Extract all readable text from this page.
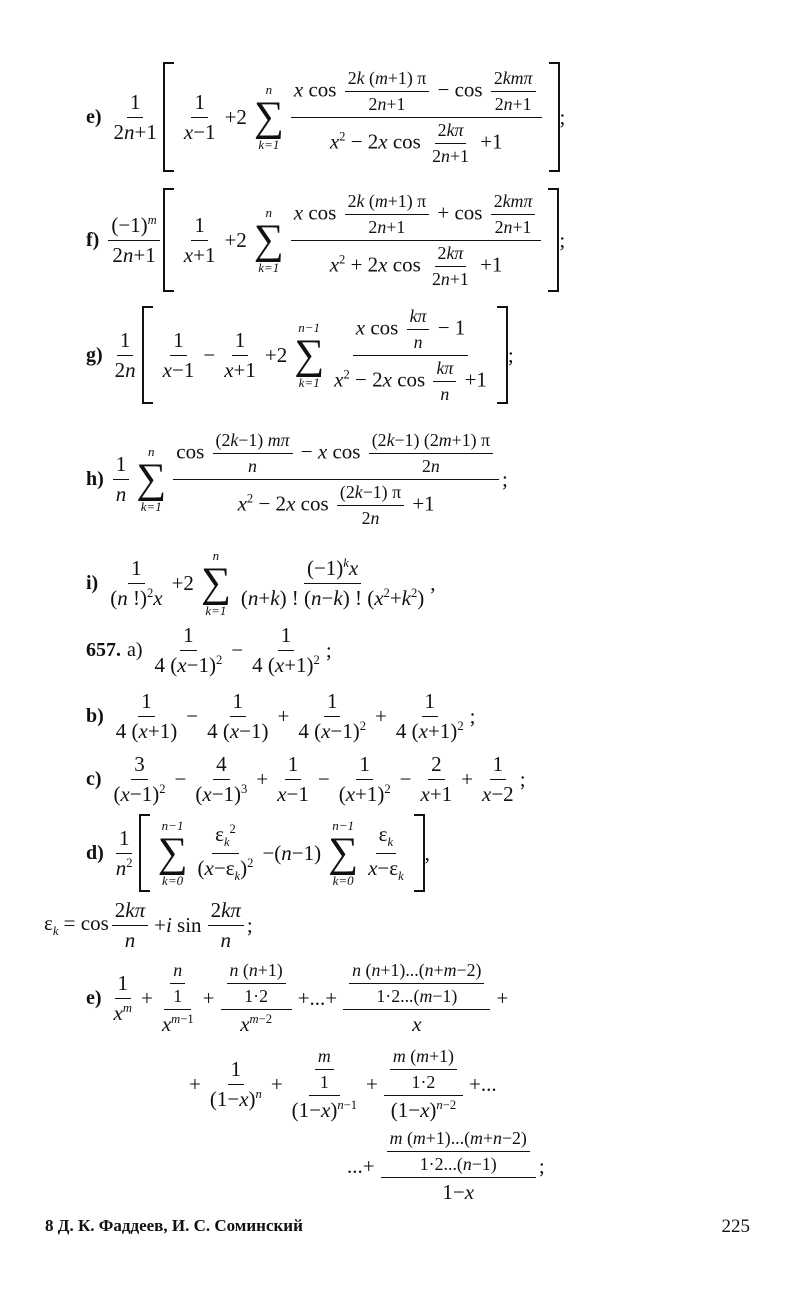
$e) \frac{1}{2n+1} \frac{1}{x-1} +2$
n
∑
$k=1 \frac{x \cos \frac{2k (m+1) \pi}{2n+1} - \cos \frac{\text{2kmπ}}{2n+1}}{x^2 - 2x \cos \frac{2k\pi}{2n+1} +1}$ ;
$f) \frac{(-1)^m}{2n+1} \frac{1}{x+1} +2$
n
∑
$k=1 \frac{x \cos \frac{2k (m+1) \pi}{2n+1} + \cos \frac{\text{2kmπ}}{2n+1}}{x^2 + 2x \cos \frac{2k\pi}{2n+1} +1}$ ;
$g) \frac{1}{2n} \frac{1}{x-1} - \frac{1}{x+1} +2$
n−1
∑
$k=1 \frac{x \cos \frac{k\pi}{n} - 1}{x^2 - 2x \cos \frac{k\pi}{n} +1}$ ;
$h) \frac{1}{n}$ n
∑
$k=1 \frac{\cos \frac{(2k-1) m\pi}{n} - x \cos \frac{(2k-1) (2m+1) \pi}{2n}}{x^2 - 2x \cos \frac{(2k-1) \pi}{2n} +1}$ ;
$i) \frac{1}{(n !)^2x} +2$
n
∑
$k=1 \frac{(-1)^kx}{(n+k) ! (n-k) ! (x^2+k^2)}$ ,
657. $a) \frac{1}{4 (x-1)^2} - \frac{1}{4 (x+1)^2}$ ;
$b) \frac{1}{4 (x+1)} - \frac{1}{4 (x-1)} + \frac{1}{4 (x-1)^2} + \frac{1}{4 (x+1)^2}$ ;
$c) \frac{3}{(x-1)^2} - \frac{4}{(x-1)^3} + \frac{1}{x-1} - \frac{1}{(x+1)^2} - \frac{2}{x+1} + \frac{1}{x-2}$ ;
$d) \frac{1}{n^2} n-1$
∑
$k=0 \frac{\varepsilon_k^2}{(x-\varepsilon_k)^2} -(n-1)$
n−1
∑
$k=0 \frac{\varepsilon_k}{x-\varepsilon_k}$ ,
$\varepsilon_k = \cos \frac{2k\pi}{n} +i$ $\sin \frac{2k\pi}{n}$ ;
$e) \frac{1}{x^m} + \frac{\frac{n}{1}}{x^{m-1}} + \frac{\frac{n (n+1)}{1\cdot 2}}{x^{m-2}}$ +...+ $\frac{\frac{n (n+1)...(n+m-2)}{1\cdot 2...(m-1)}}{x}$ +
+ $\frac{1}{(1-x)^n} + \frac{\frac{m}{1}}{(1-x)^{n-1}} + \frac{\frac{m (m+1)}{1\cdot 2}}{(1-x)^{n-2}}$ +...
...+ $\frac{\frac{m (m+1)...(m+n-2)}{1\cdot 2...(n-1)}}{1-x}$ ;
8 Д. К. Фаддеев, И. С. Соминский	225
